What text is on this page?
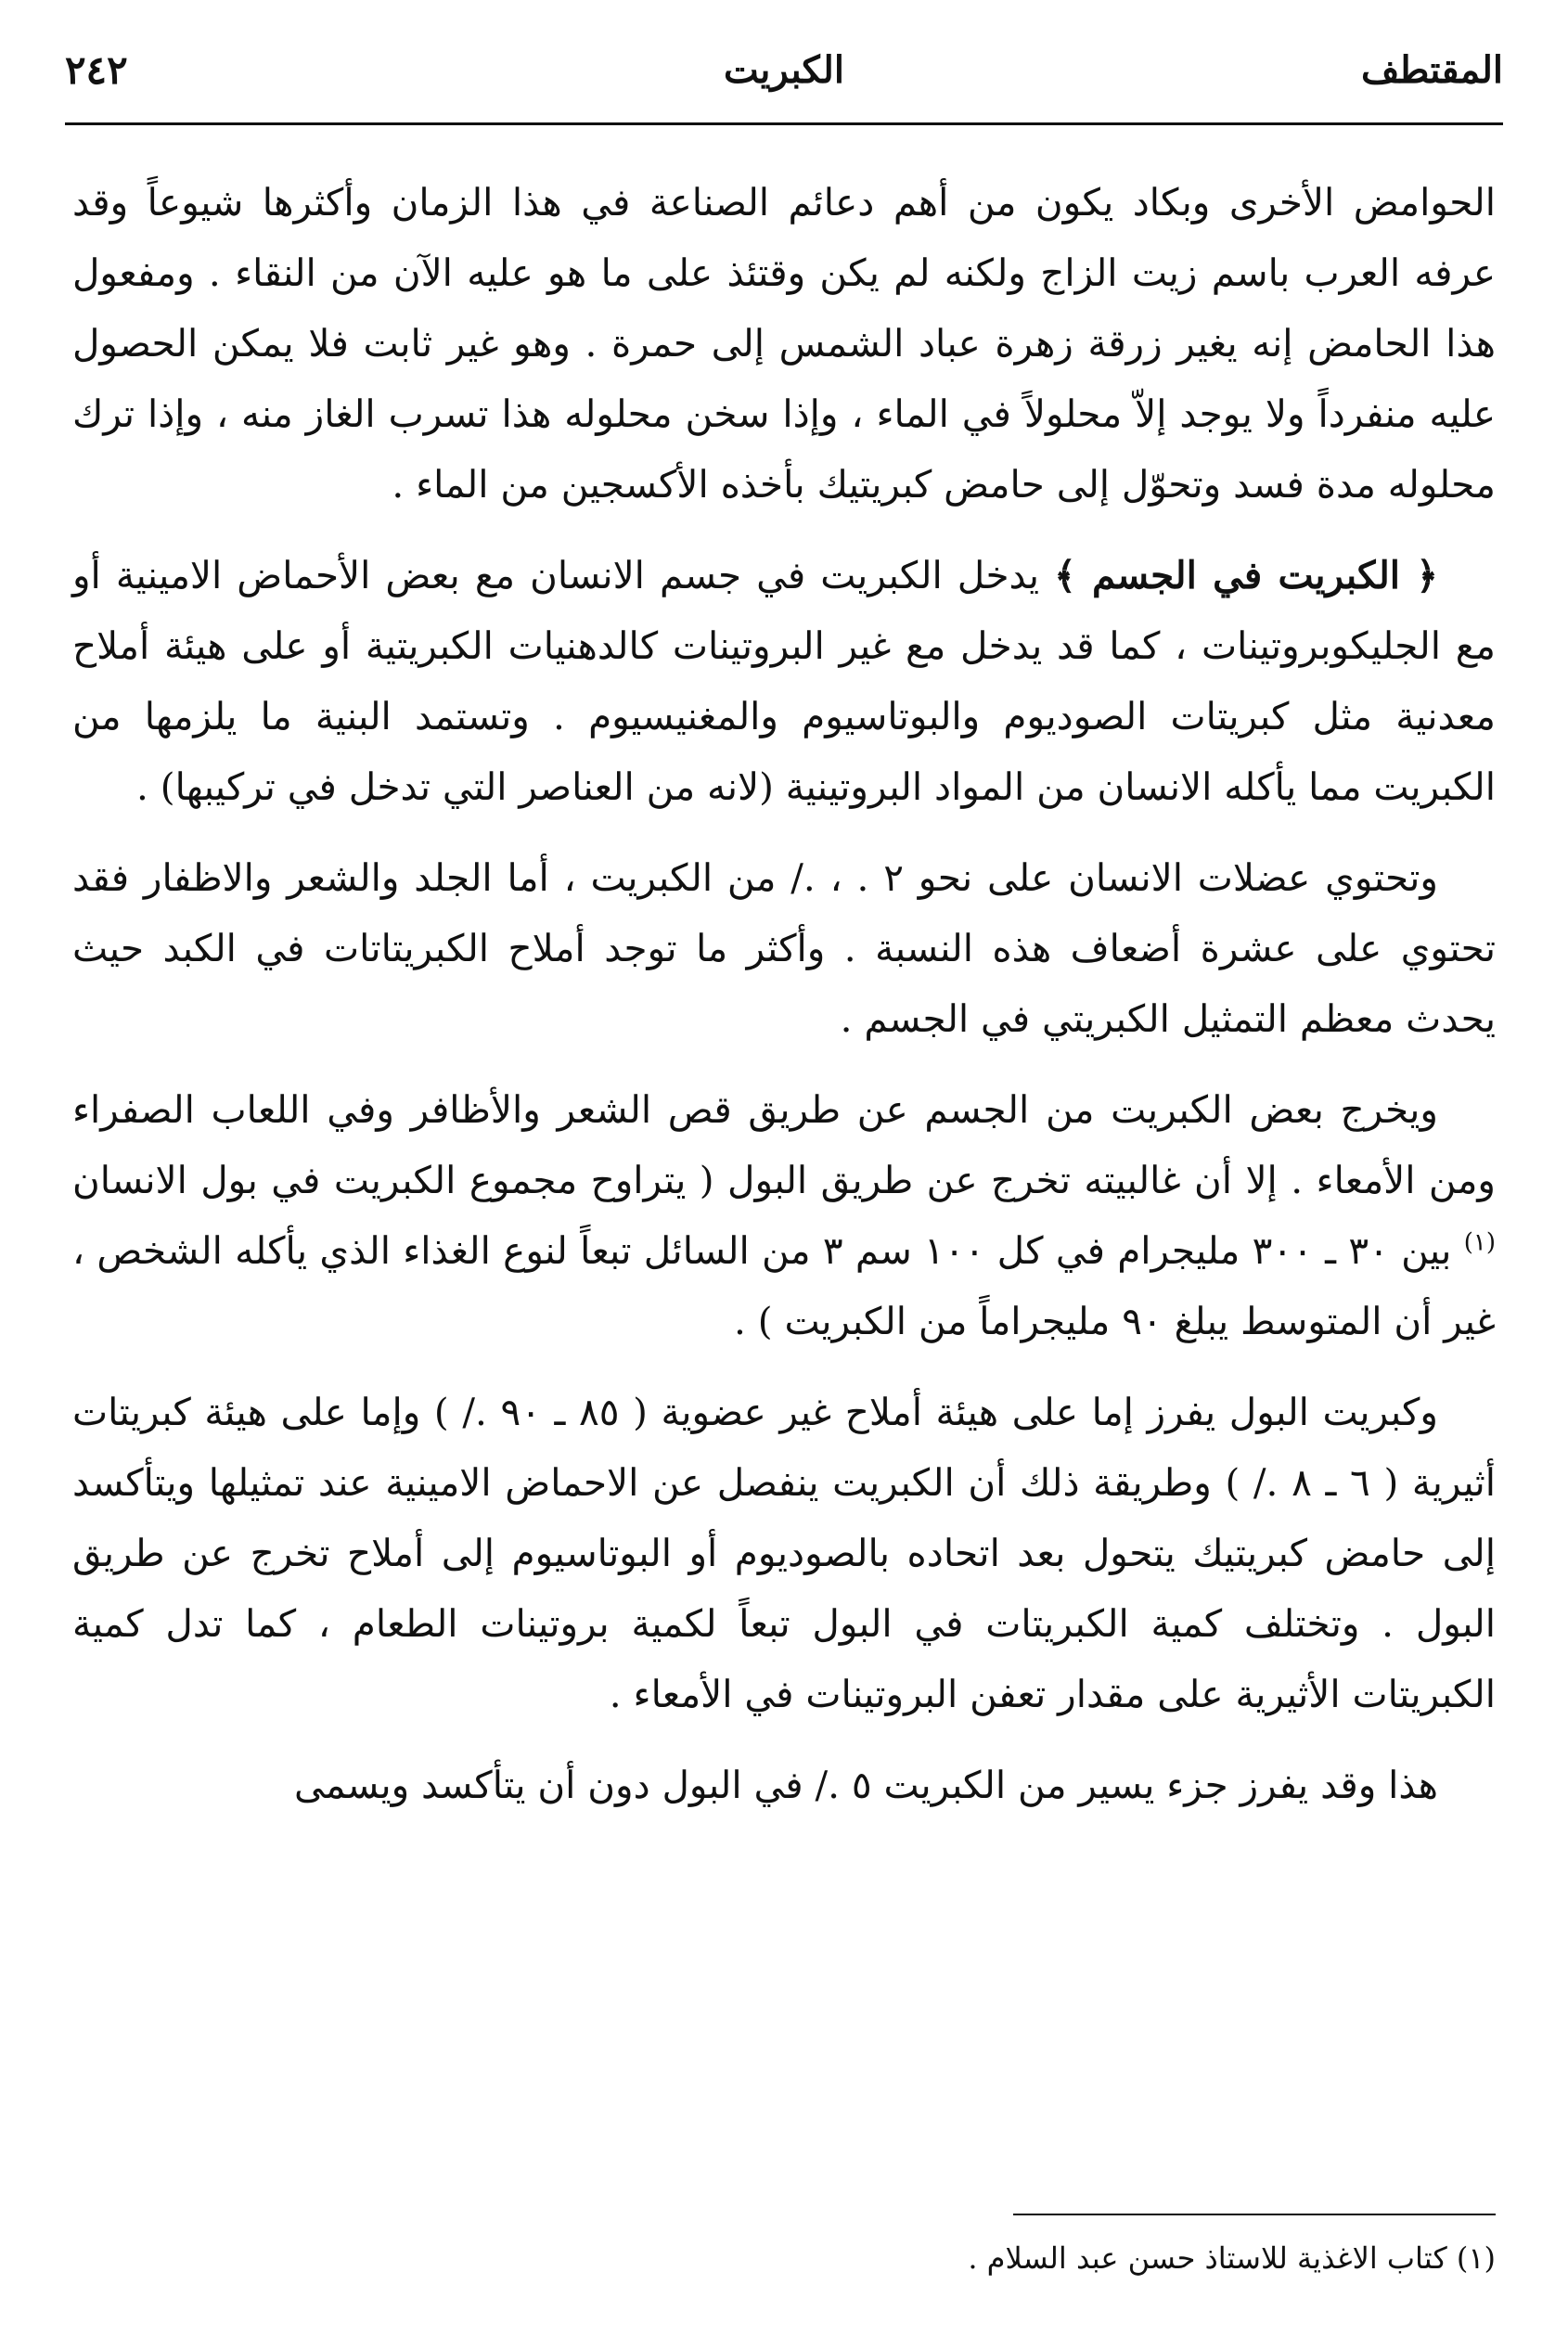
المقتطف
الكبريت
٢٤٢

الحوامض الأخرى وبكاد يكون من أهم دعائم الصناعة في هذا الزمان وأكثرها شيوعاً وقد عرفه العرب باسم زيت الزاج ولكنه لم يكن وقتئذ على ما هو عليه الآن من النقاء . ومفعول هذا الحامض إنه يغير زرقة زهرة عباد الشمس إلى حمرة . وهو غير ثابت فلا يمكن الحصول عليه منفرداً ولا يوجد إلاّ محلولاً في الماء ، وإذا سخن محلوله هذا تسرب الغاز منه ، وإذا ترك محلوله مدة فسد وتحوّل إلى حامض كبريتيك بأخذه الأكسجين من الماء .

﴿ الكبريت في الجسم ﴾ يدخل الكبريت في جسم الانسان مع بعض الأحماض الامينية أو مع الجليكوبروتينات ، كما قد يدخل مع غير البروتينات كالدهنيات الكبريتية أو على هيئة أملاح معدنية مثل كبريتات الصوديوم والبوتاسيوم والمغنيسيوم . وتستمد البنية ما يلزمها من الكبريت مما يأكله الانسان من المواد البروتينية (لانه من العناصر التي تدخل في تركيبها) .

وتحتوي عضلات الانسان على نحو ٢ . ، ./ من الكبريت ، أما الجلد والشعر والاظفار فقد تحتوي على عشرة أضعاف هذه النسبة . وأكثر ما توجد أملاح الكبريتاتات في الكبد حيث يحدث معظم التمثيل الكبريتي في الجسم .

ويخرج بعض الكبريت من الجسم عن طريق قص الشعر والأظافر وفي اللعاب الصفراء ومن الأمعاء . إلا أن غالبيته تخرج عن طريق البول ( يتراوح مجموع الكبريت في بول الانسان $^{(١)}$ بين ٣٠ ـ ٣٠٠ مليجرام في كل ١٠٠ سم ٣ من السائل تبعاً لنوع الغذاء الذي يأكله الشخص ، غير أن المتوسط يبلغ ٩٠ مليجراماً من الكبريت ) .

وكبريت البول يفرز إما على هيئة أملاح غير عضوية ( ٨٥ ـ ٩٠ ./ ) وإما على هيئة كبريتات أثيرية ( ٦ ـ ٨ ./ ) وطريقة ذلك أن الكبريت ينفصل عن الاحماض الامينية عند تمثيلها ويتأكسد إلى حامض كبريتيك يتحول بعد اتحاده بالصوديوم أو البوتاسيوم إلى أملاح تخرج عن طريق البول . وتختلف كمية الكبريتات في البول تبعاً لكمية بروتينات الطعام ، كما تدل كمية الكبريتات الأثيرية على مقدار تعفن البروتينات في الأمعاء .

هذا وقد يفرز جزء يسير من الكبريت ٥ ./ في البول دون أن يتأكسد ويسمى

(١) كتاب الاغذية للاستاذ حسن عبد السلام .
